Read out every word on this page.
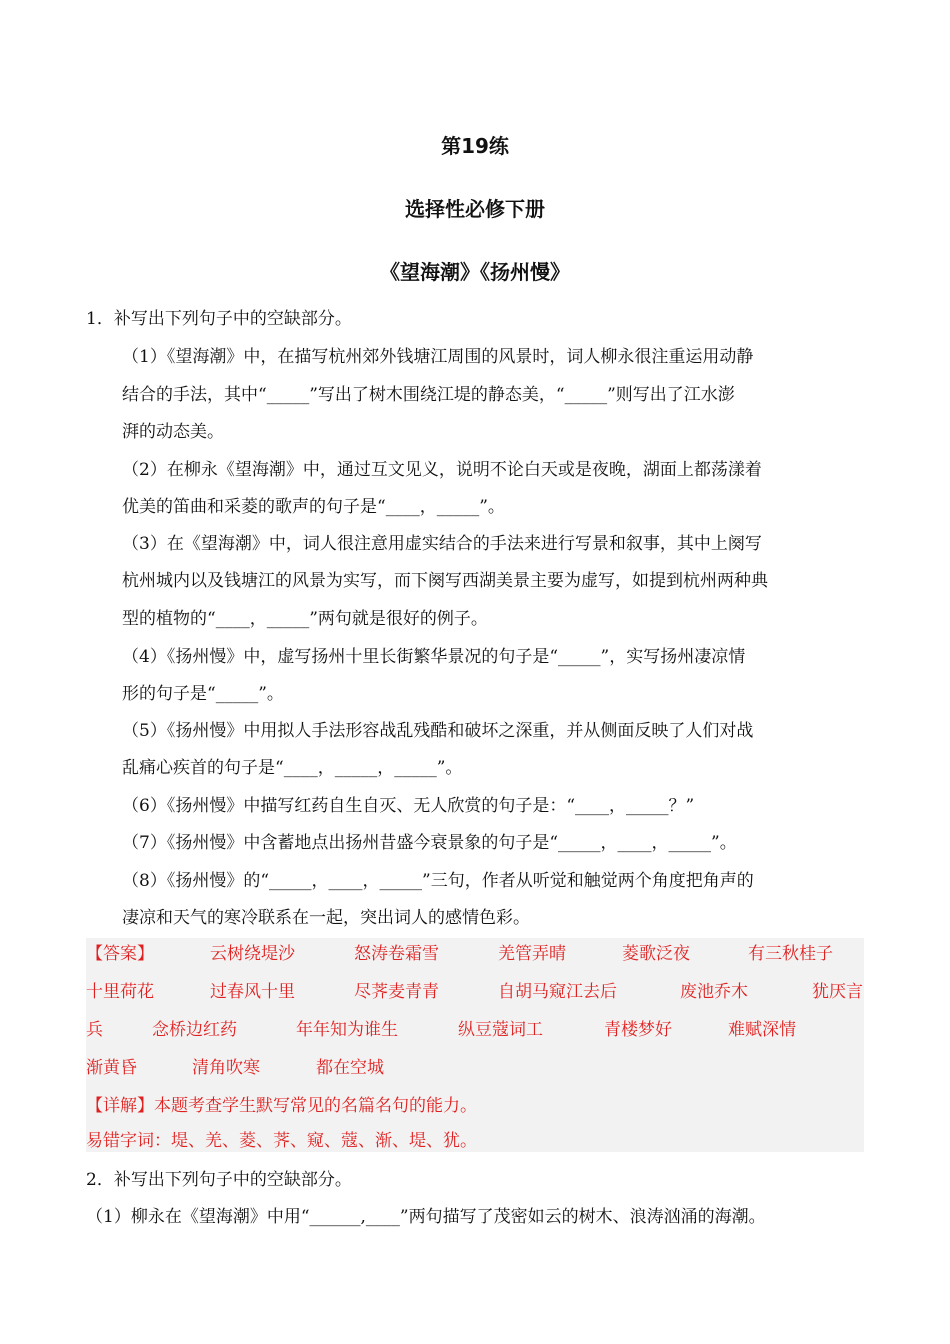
第19练
选择性必修下册
《望海潮》《扬州慢》
1．补写出下列句子中的空缺部分。
（1）《望海潮》中，在描写杭州郊外钱塘江周围的风景时，词人柳永很注重运用动静
结合的手法，其中“_____”写出了树木围绕江堤的静态美，“_____”则写出了江水澎
湃的动态美。
（2）在柳永《望海潮》中，通过互文见义，说明不论白天或是夜晚，湖面上都荡漾着
优美的笛曲和采菱的歌声的句子是“____，_____”。
（3）在《望海潮》中，词人很注意用虚实结合的手法来进行写景和叙事，其中上阕写
杭州城内以及钱塘江的风景为实写，而下阕写西湖美景主要为虚写，如提到杭州两种典
型的植物的“____，_____”两句就是很好的例子。
（4）《扬州慢》中，虚写扬州十里长街繁华景况的句子是“_____”，实写扬州凄凉情
形的句子是“_____”。
（5）《扬州慢》中用拟人手法形容战乱残酷和破坏之深重，并从侧面反映了人们对战
乱痛心疾首的句子是“____，_____，_____”。
（6）《扬州慢》中描写红药自生自灭、无人欣赏的句子是：“____，_____？”
（7）《扬州慢》中含蓄地点出扬州昔盛今衰景象的句子是“_____，____，_____”。
（8）《扬州慢》的“_____，____，_____”三句，作者从听觉和触觉两个角度把角声的
凄凉和天气的寒冷联系在一起，突出词人的感情色彩。
【答案】	云树绕堤沙	怒涛卷霜雪	羌管弄晴	菱歌泛夜	有三秋桂子
十里荷花	过春风十里	尽荠麦青青	自胡马窥江去后	废池乔木	犹厌言
兵	念桥边红药	年年知为谁生	纵豆蔻词工	青楼梦好	难赋深情
渐黄昏	清角吹寒	都在空城
【详解】本题考查学生默写常见的名篇名句的能力。
易错字词：堤、羌、菱、荠、窥、蔻、渐、堤、犹。
2．补写出下列句子中的空缺部分。
（1）柳永在《望海潮》中用“______,____”两句描写了茂密如云的树木、浪涛汹涌的海潮。
